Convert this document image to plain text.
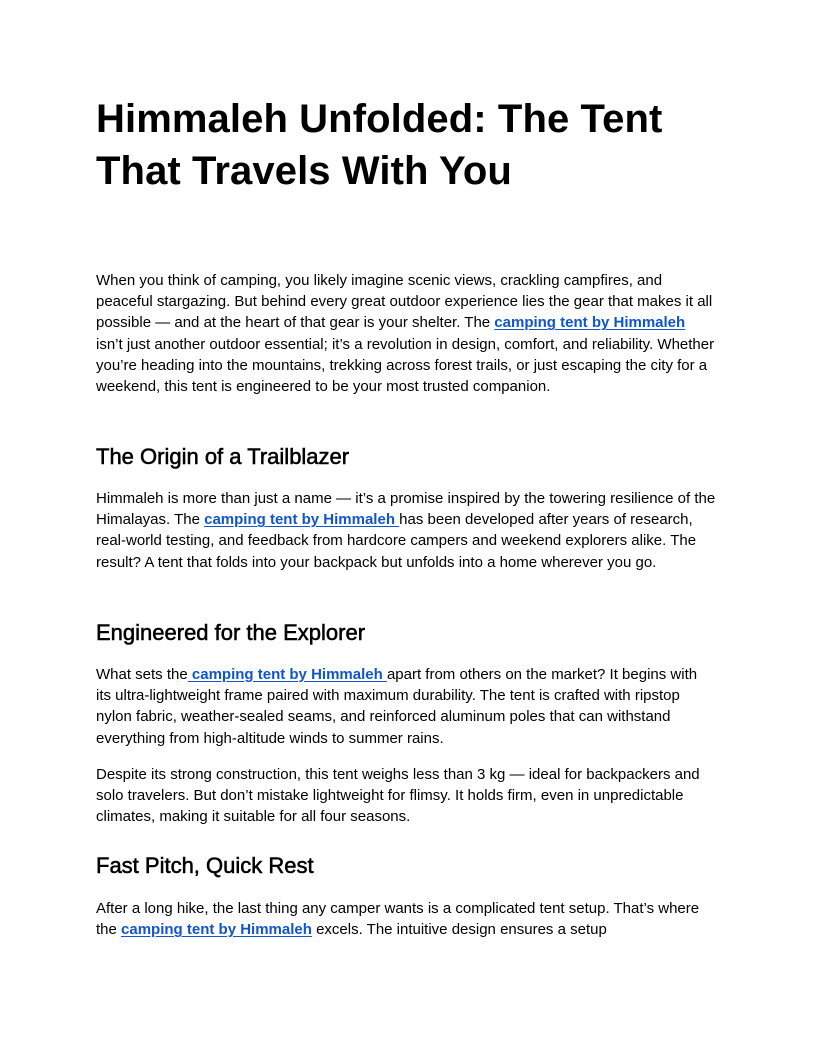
Himmaleh Unfolded: The Tent That Travels With You

When you think of camping, you likely imagine scenic views, crackling campfires, and peaceful stargazing. But behind every great outdoor experience lies the gear that makes it all possible — and at the heart of that gear is your shelter. The camping tent by Himmaleh isn’t just another outdoor essential; it’s a revolution in design, comfort, and reliability. Whether you’re heading into the mountains, trekking across forest trails, or just escaping the city for a weekend, this tent is engineered to be your most trusted companion.

The Origin of a Trailblazer

Himmaleh is more than just a name — it’s a promise inspired by the towering resilience of the Himalayas. The camping tent by Himmaleh has been developed after years of research, real-world testing, and feedback from hardcore campers and weekend explorers alike. The result? A tent that folds into your backpack but unfolds into a home wherever you go.

Engineered for the Explorer

What sets the camping tent by Himmaleh apart from others on the market? It begins with its ultra-lightweight frame paired with maximum durability. The tent is crafted with ripstop nylon fabric, weather-sealed seams, and reinforced aluminum poles that can withstand everything from high-altitude winds to summer rains.

Despite its strong construction, this tent weighs less than 3 kg — ideal for backpackers and solo travelers. But don’t mistake lightweight for flimsy. It holds firm, even in unpredictable climates, making it suitable for all four seasons.

Fast Pitch, Quick Rest

After a long hike, the last thing any camper wants is a complicated tent setup. That’s where the camping tent by Himmaleh excels. The intuitive design ensures a setup
